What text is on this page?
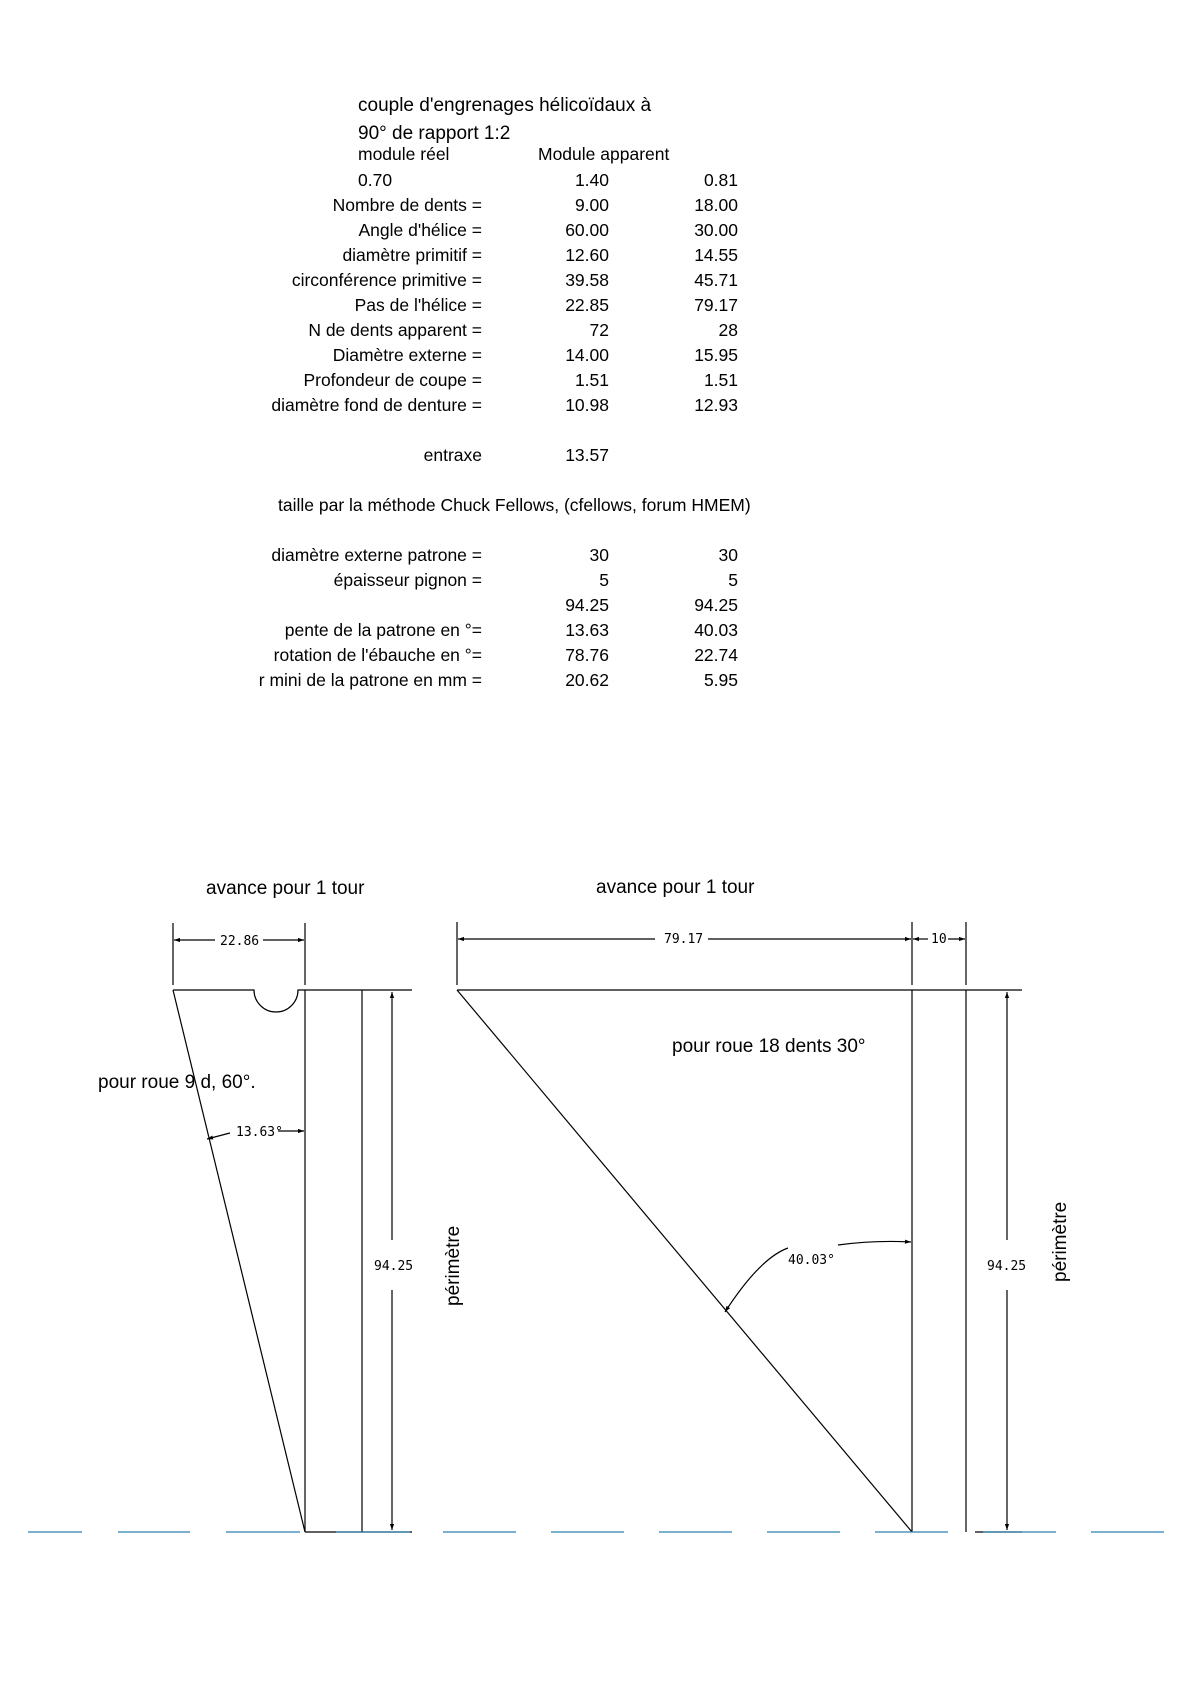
couple d'engrenages hélicoïdaux à
90° de rapport 1:2
module réel	Module apparent
0.70	1.40	0.81
Nombre de dents =	9.00	18.00
Angle d'hélice =	60.00	30.00
diamètre primitif =	12.60	14.55
circonférence primitive =	39.58	45.71
Pas de l'hélice =	22.85	79.17
N de dents apparent =	72	28
Diamètre externe =	14.00	15.95
Profondeur de coupe =	1.51	1.51
diamètre fond de denture =	10.98	12.93
entraxe	13.57
taille par la méthode Chuck Fellows, (cfellows, forum HMEM)
diamètre externe patrone =	30	30
épaisseur pignon =	5	5
94.25	94.25
pente de la patrone en °=	13.63	40.03
rotation de l'ébauche en °=	78.76	22.74
r mini de la patrone en mm =	20.62	5.95
avance pour 1 tour	avance pour 1 tour
22.86
13.63°
94.25
pour roue 9 d, 60°.
périmètre
79.17	10
40.03°	94.25
pour roue 18 dents 30°
périmètre
